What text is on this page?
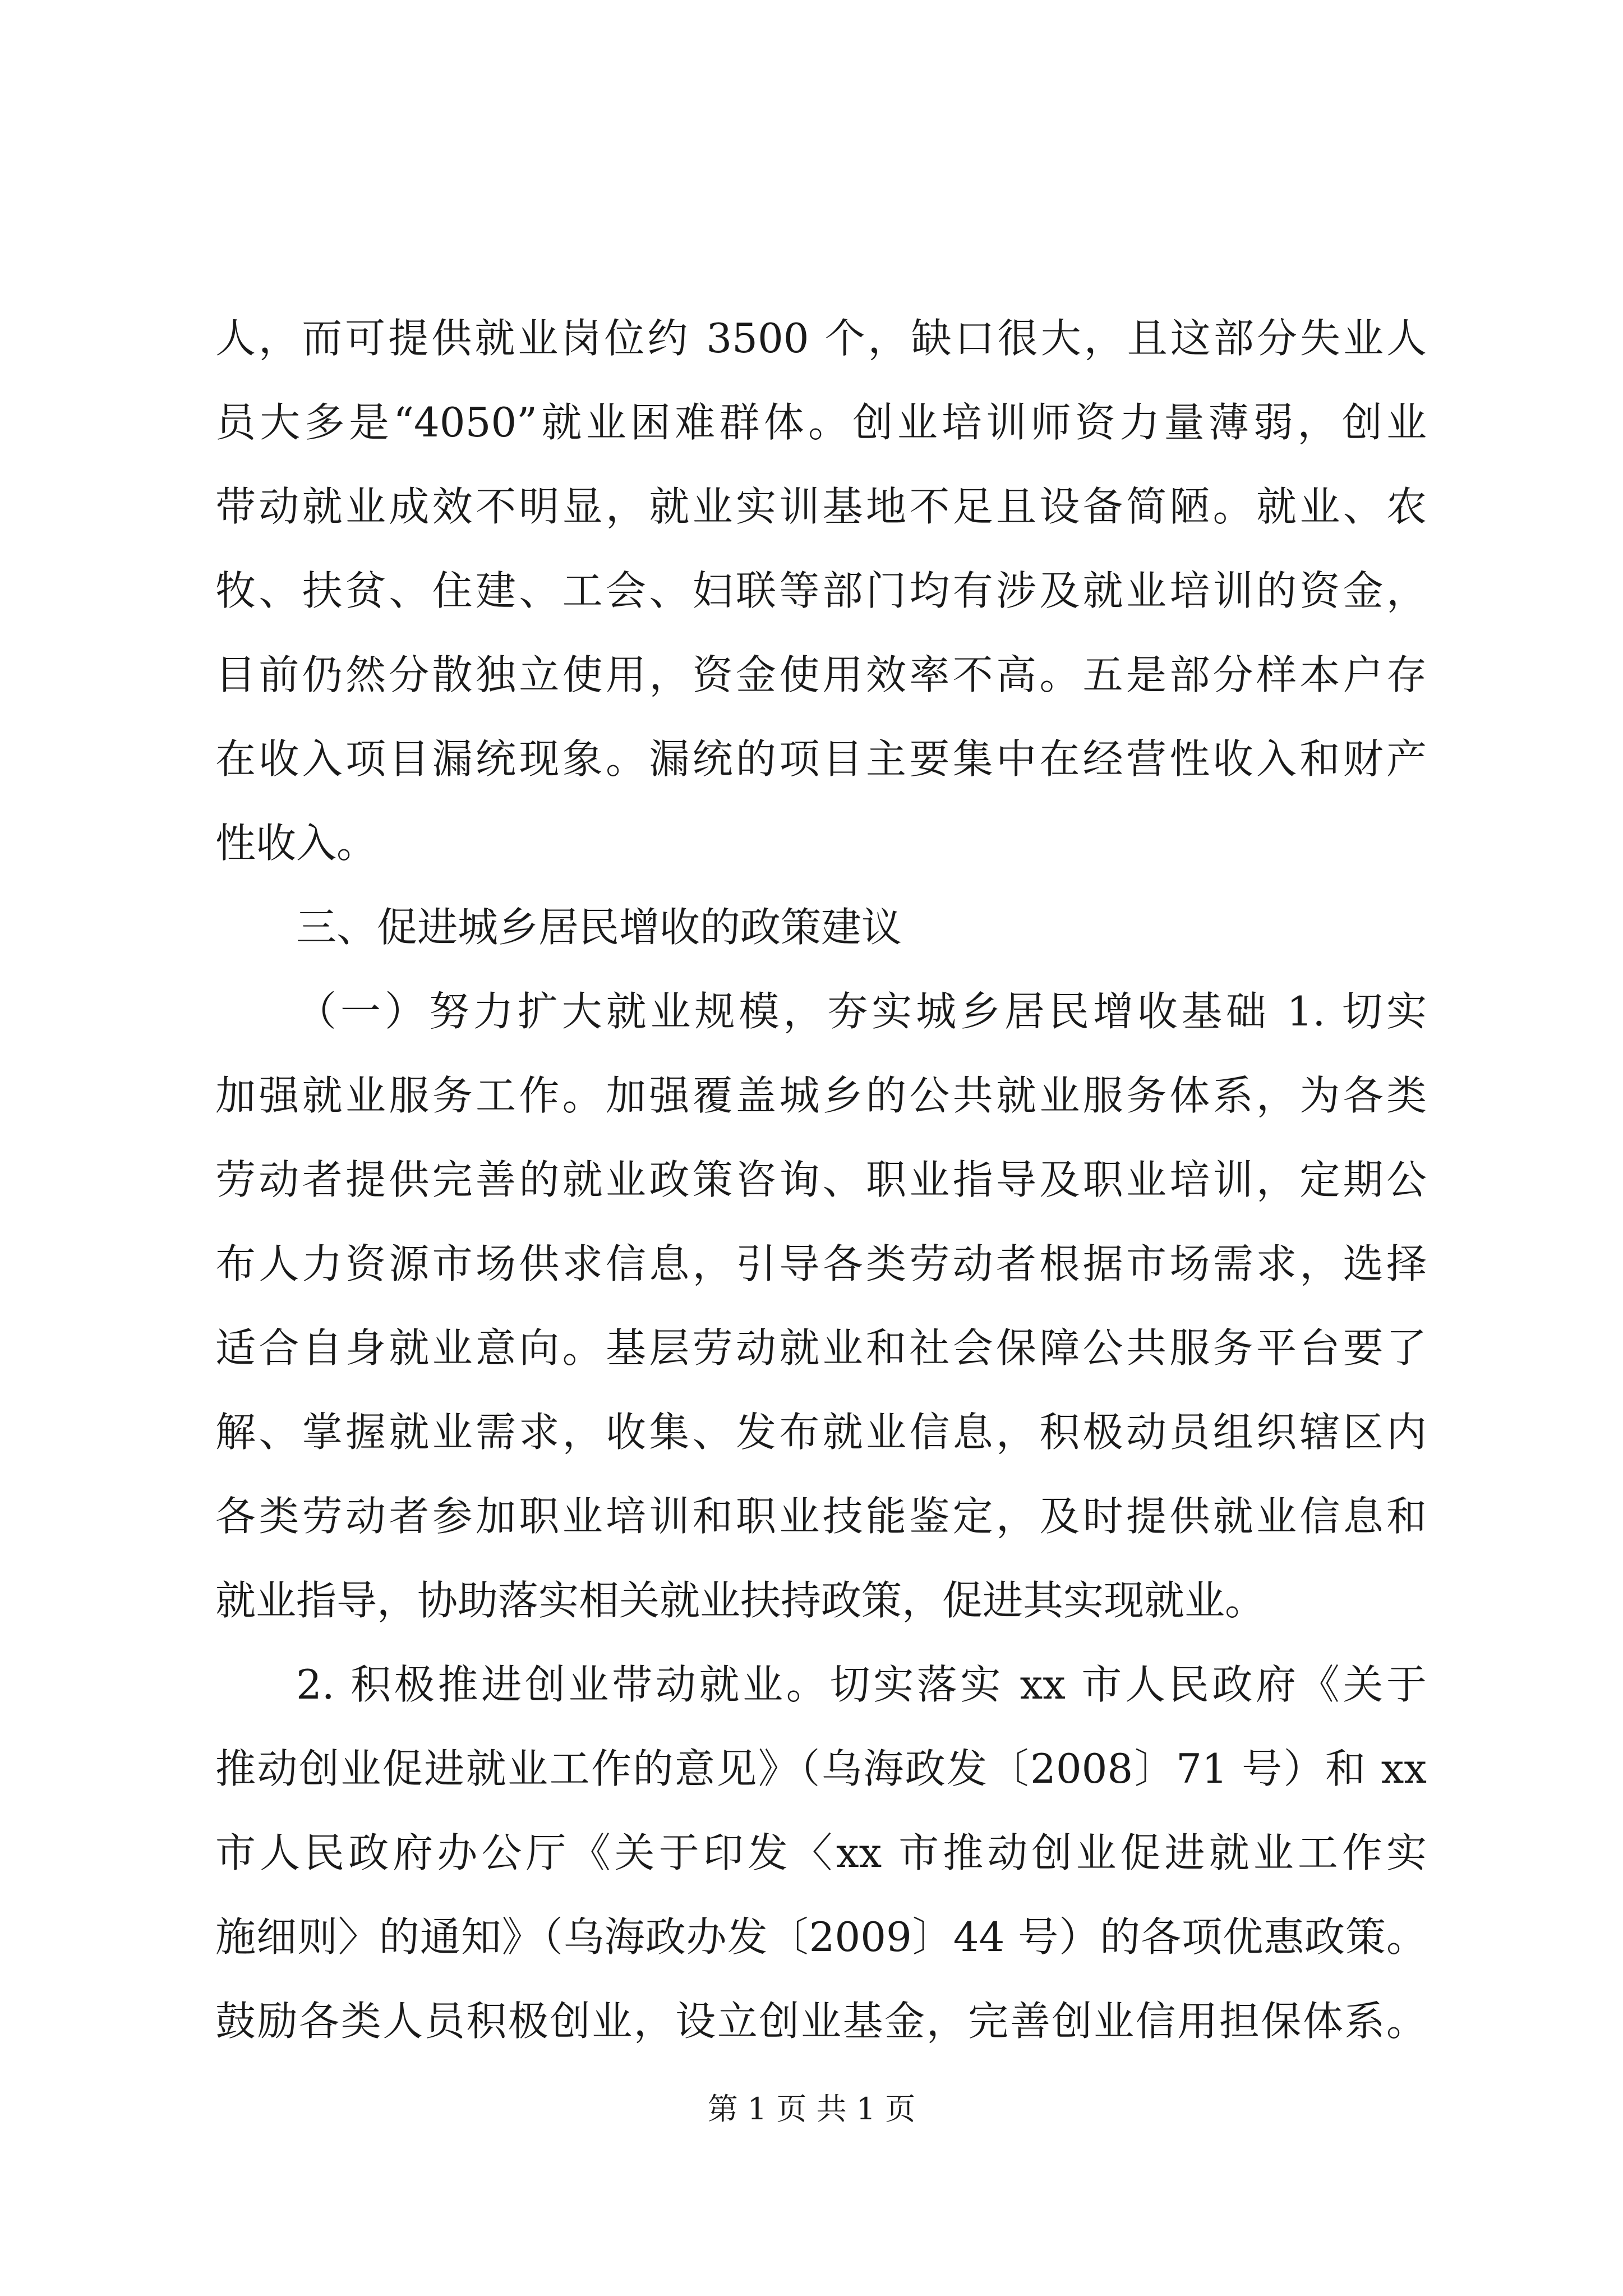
人，而可提供就业岗位约 3500 个，缺口很大，且这部分失业人
员大多是“4050”就业困难群体。创业培训师资力量薄弱，创业
带动就业成效不明显，就业实训基地不足且设备简陋。就业、农
牧、扶贫、住建、工会、妇联等部门均有涉及就业培训的资金，
目前仍然分散独立使用，资金使用效率不高。五是部分样本户存
在收入项目漏统现象。漏统的项目主要集中在经营性收入和财产
性收入。
三、促进城乡居民增收的政策建议
（一）努力扩大就业规模，夯实城乡居民增收基础 1. 切实
加强就业服务工作。加强覆盖城乡的公共就业服务体系，为各类
劳动者提供完善的就业政策咨询、职业指导及职业培训，定期公
布人力资源市场供求信息，引导各类劳动者根据市场需求，选择
适合自身就业意向。基层劳动就业和社会保障公共服务平台要了
解、掌握就业需求，收集、发布就业信息，积极动员组织辖区内
各类劳动者参加职业培训和职业技能鉴定，及时提供就业信息和
就业指导，协助落实相关就业扶持政策，促进其实现就业。
2. 积极推进创业带动就业。切实落实 xx 市人民政府《关于
推动创业促进就业工作的意见》（乌海政发〔2008〕71 号）和 xx
市人民政府办公厅《关于印发〈xx 市推动创业促进就业工作实
施细则〉的通知》（乌海政办发〔2009〕44 号）的各项优惠政策。
鼓励各类人员积极创业，设立创业基金，完善创业信用担保体系。
第 1 页 共 1 页
